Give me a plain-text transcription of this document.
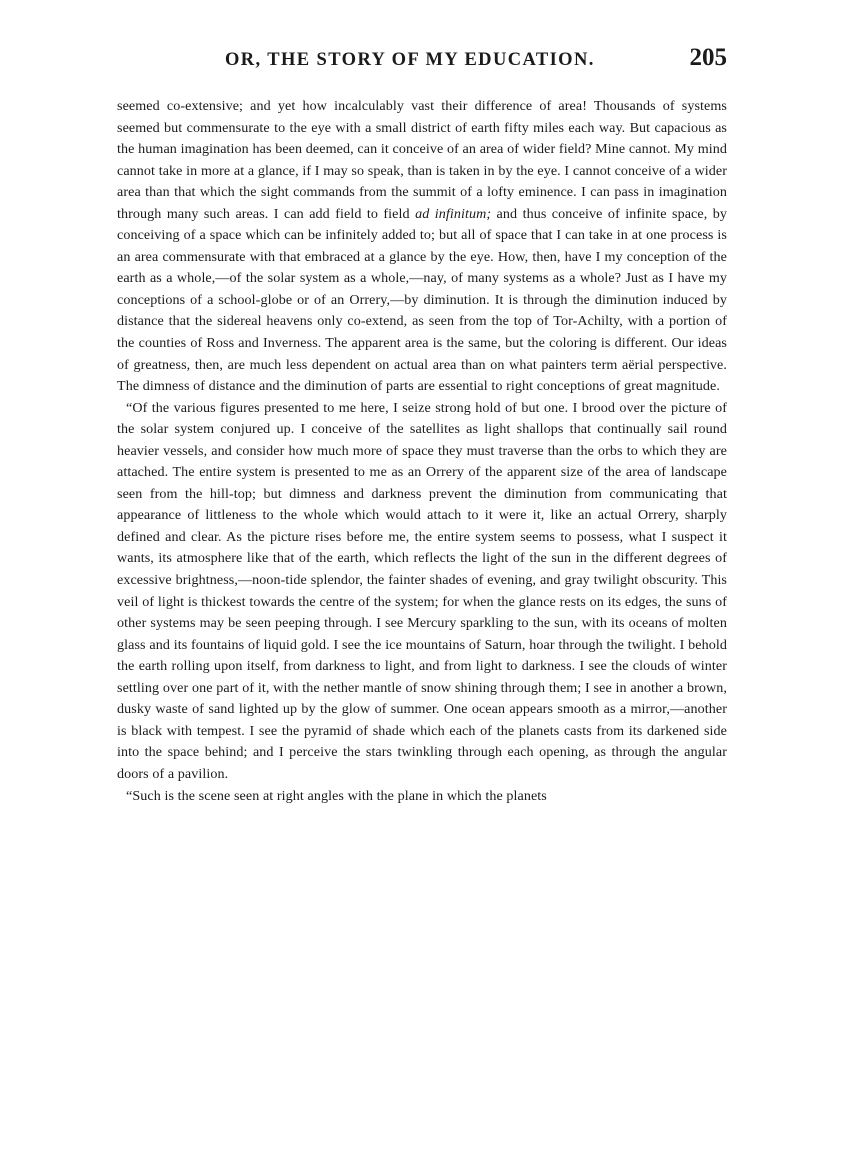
OR, THE STORY OF MY EDUCATION.	205

seemed co-extensive; and yet how incalculably vast their difference of area! Thousands of systems seemed but commensurate to the eye with a small district of earth fifty miles each way. But capacious as the human imagination has been deemed, can it conceive of an area of wider field? Mine cannot. My mind cannot take in more at a glance, if I may so speak, than is taken in by the eye. I cannot conceive of a wider area than that which the sight commands from the summit of a lofty eminence. I can pass in imagination through many such areas. I can add field to field ad infinitum; and thus conceive of infinite space, by conceiving of a space which can be infinitely added to; but all of space that I can take in at one process is an area commensurate with that embraced at a glance by the eye. How, then, have I my conception of the earth as a whole,—of the solar system as a whole,—nay, of many systems as a whole? Just as I have my conceptions of a school-globe or of an Orrery,—by diminution. It is through the diminution induced by distance that the sidereal heavens only co-extend, as seen from the top of Tor-Achilty, with a portion of the counties of Ross and Inverness. The apparent area is the same, but the coloring is different. Our ideas of greatness, then, are much less dependent on actual area than on what painters term aërial perspective. The dimness of distance and the diminution of parts are essential to right conceptions of great magnitude.

“Of the various figures presented to me here, I seize strong hold of but one. I brood over the picture of the solar system conjured up. I conceive of the satellites as light shallops that continually sail round heavier vessels, and consider how much more of space they must traverse than the orbs to which they are attached. The entire system is presented to me as an Orrery of the apparent size of the area of landscape seen from the hill-top; but dimness and darkness prevent the diminution from communicating that appearance of littleness to the whole which would attach to it were it, like an actual Orrery, sharply defined and clear. As the picture rises before me, the entire system seems to possess, what I suspect it wants, its atmosphere like that of the earth, which reflects the light of the sun in the different degrees of excessive brightness,—noon-tide splendor, the fainter shades of evening, and gray twilight obscurity. This veil of light is thickest towards the centre of the system; for when the glance rests on its edges, the suns of other systems may be seen peeping through. I see Mercury sparkling to the sun, with its oceans of molten glass and its fountains of liquid gold. I see the ice mountains of Saturn, hoar through the twilight. I behold the earth rolling upon itself, from darkness to light, and from light to darkness. I see the clouds of winter settling over one part of it, with the nether mantle of snow shining through them; I see in another a brown, dusky waste of sand lighted up by the glow of summer. One ocean appears smooth as a mirror,—another is black with tempest. I see the pyramid of shade which each of the planets casts from its darkened side into the space behind; and I perceive the stars twinkling through each opening, as through the angular doors of a pavilion.

“Such is the scene seen at right angles with the plane in which the planets
